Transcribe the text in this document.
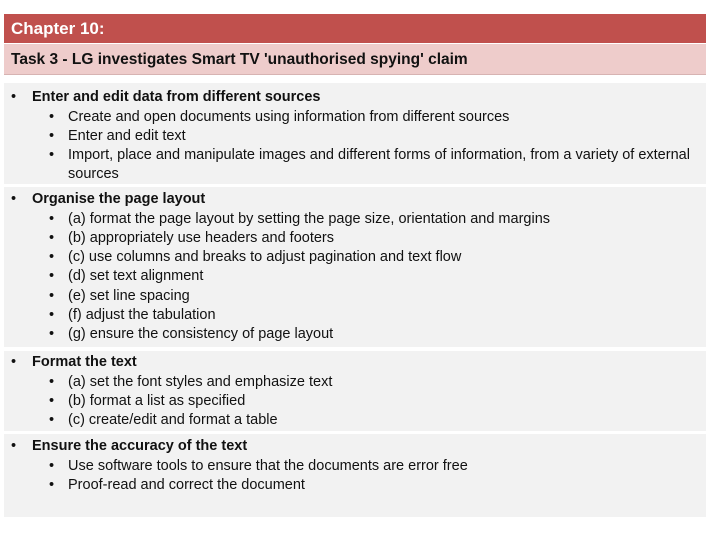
Chapter 10:
Task 3 - LG investigates Smart TV 'unauthorised spying' claim
• Enter and edit data from different sources
• Create and open documents using information from different sources
• Enter and edit text
• Import, place and manipulate images and different forms of information, from a variety of external sources
• Organise the page layout
• (a) format the page layout by setting the page size, orientation and margins
• (b) appropriately use headers and footers
• (c) use columns and breaks to adjust pagination and text flow
• (d) set text alignment
• (e) set line spacing
• (f) adjust the tabulation
• (g) ensure the consistency of page layout
• Format the text
• (a) set the font styles and emphasize text
• (b) format a list as specified
• (c) create/edit and format a table
• Ensure the accuracy of the text
• Use software tools to ensure that the documents are error free
• Proof-read and correct the document
